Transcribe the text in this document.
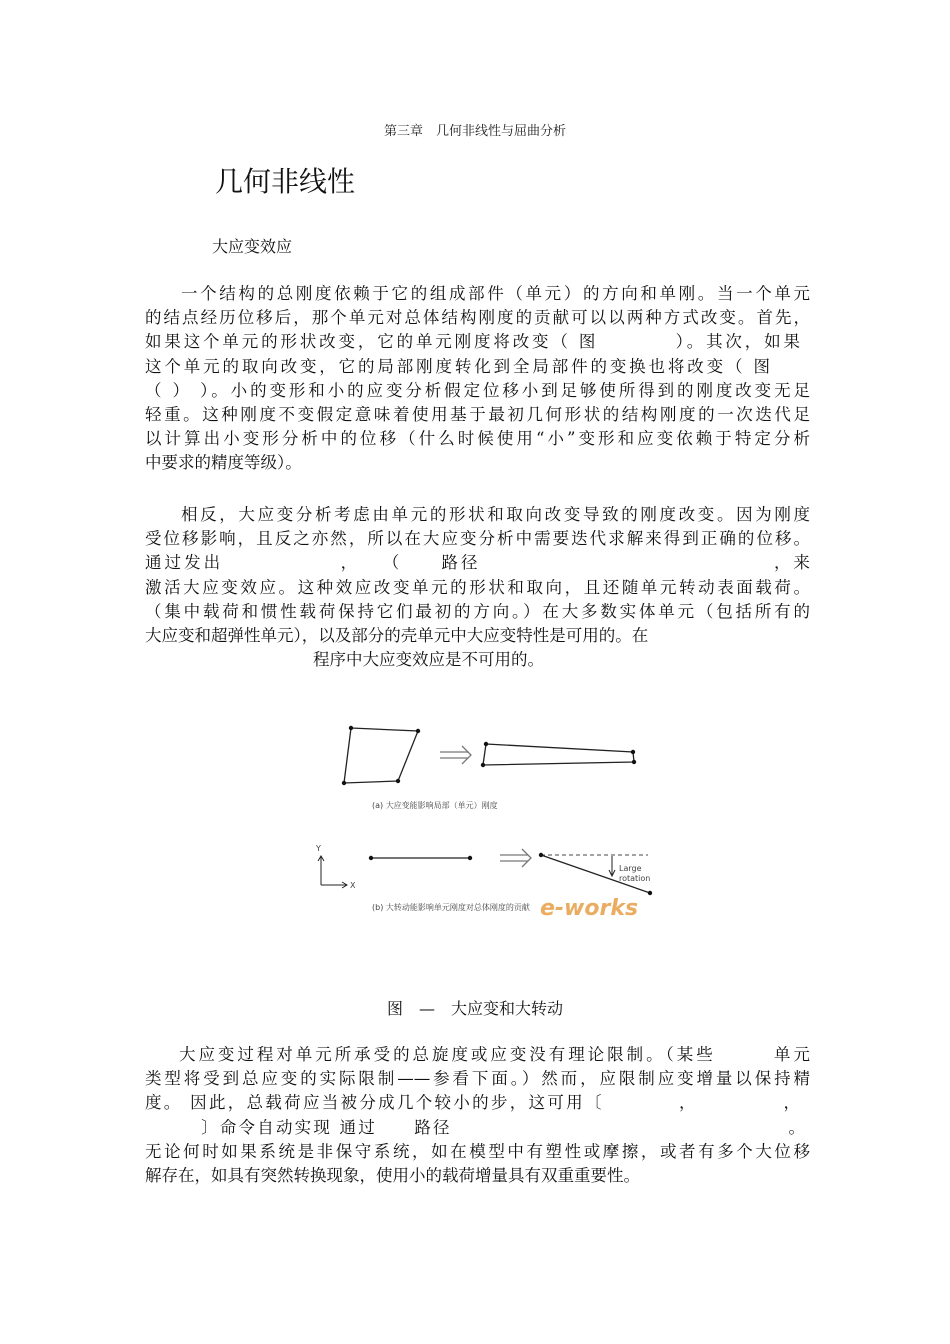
第三章　几何非线性与屈曲分析
几何非线性
大应变效应
一个结构的总刚度依赖于它的组成部件（单元）的方向和单刚。当一个单元
的结点经历位移后，那个单元对总体结构刚度的贡献可以以两种方式改变。首先，
如果这个单元的形状改变，它的单元刚度将改变（ 图　　　　）。其次，如果
这个单元的取向改变，它的局部刚度转化到全局部件的变换也将改变（ 图
（ ） ）。小的变形和小的应变分析假定位移小到足够使所得到的刚度改变无足
轻重。这种刚度不变假定意味着使用基于最初几何形状的结构刚度的一次迭代足
以计算出小变形分析中的位移（什么时候使用“小”变形和应变依赖于特定分析
中要求的精度等级）。
相反，大应变分析考虑由单元的形状和取向改变导致的刚度改变。因为刚度
受位移影响，且反之亦然，所以在大应变分析中需要迭代求解来得到正确的位移。
通过发出　　　　　　，　　（　　路径　　　　　　　　　　　　　　　，来
激活大应变效应。这种效应改变单元的形状和取向，且还随单元转动表面载荷。
（集中载荷和惯性载荷保持它们最初的方向。）在大多数实体单元（包括所有的
大应变和超弹性单元），以及部分的壳单元中大应变特性是可用的。在
程序中大应变效应是不可用的。
(a) 大应变能影响局部（单元）刚度
Y
X
Large
rotation
(b) 大转动能影响单元刚度对总体刚度的贡献 e-works
图　—　大应变和大转动
大应变过程对单元所承受的总旋度或应变没有理论限制。（某些　　　单元
类型将受到总应变的实际限制——参看下面。）然而，应限制应变增量以保持精
度。 因此，总载荷应当被分成几个较小的步，这可用〔　　　　，　　　　　，
　　　〕命令自动实现 通过　　路径　　　　　　　　　　　　　　　　　　。
无论何时如果系统是非保守系统，如在模型中有塑性或摩擦，或者有多个大位移
解存在，如具有突然转换现象，使用小的载荷增量具有双重重要性。
